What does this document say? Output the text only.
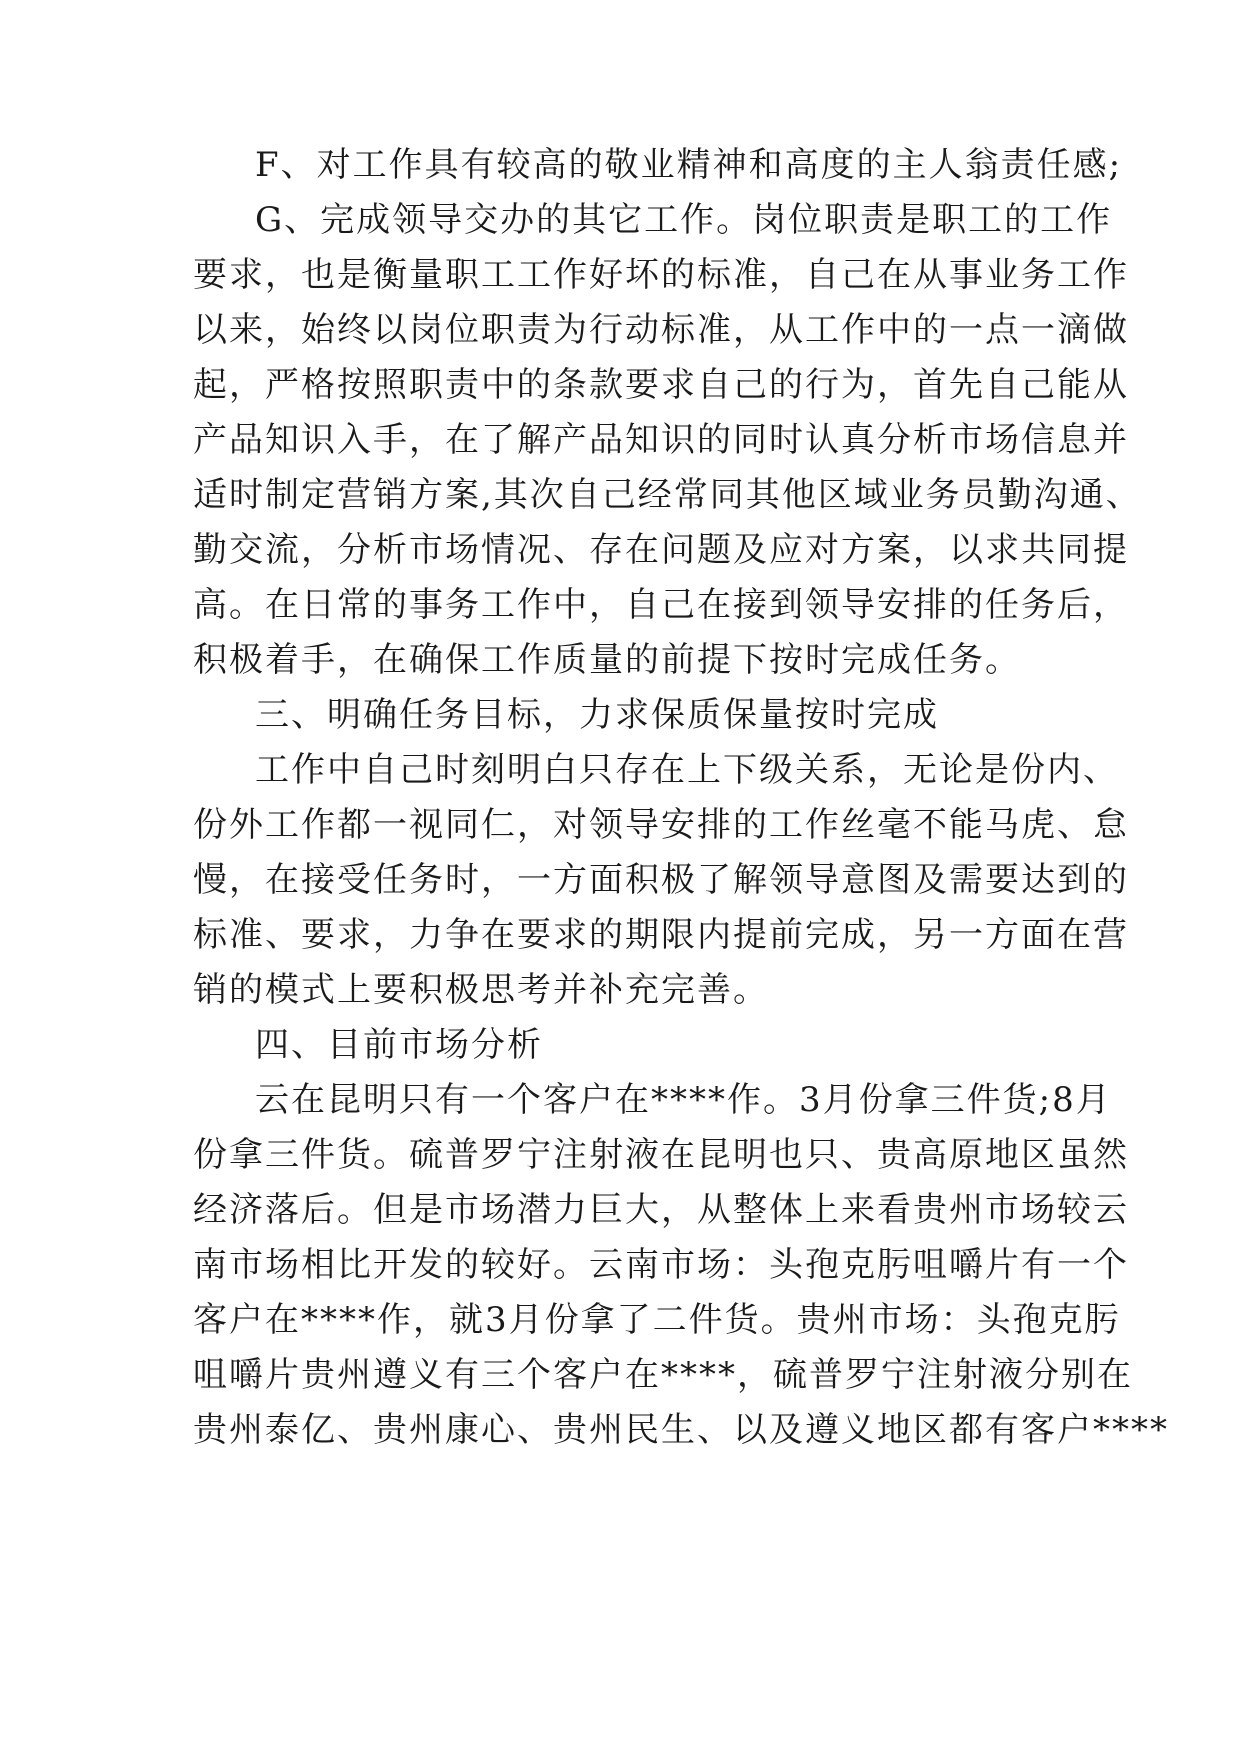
F、对工作具有较高的敬业精神和高度的主人翁责任感;
G、完成领导交办的其它工作。岗位职责是职工的工作
要求，也是衡量职工工作好坏的标准，自己在从事业务工作
以来，始终以岗位职责为行动标准，从工作中的一点一滴做
起，严格按照职责中的条款要求自己的行为，首先自己能从
产品知识入手，在了解产品知识的同时认真分析市场信息并
适时制定营销方案,其次自己经常同其他区域业务员勤沟通、
勤交流，分析市场情况、存在问题及应对方案，以求共同提
高。在日常的事务工作中，自己在接到领导安排的任务后，
积极着手，在确保工作质量的前提下按时完成任务。
三、明确任务目标，力求保质保量按时完成
工作中自己时刻明白只存在上下级关系，无论是份内、
份外工作都一视同仁，对领导安排的工作丝毫不能马虎、怠
慢，在接受任务时，一方面积极了解领导意图及需要达到的
标准、要求，力争在要求的期限内提前完成，另一方面在营
销的模式上要积极思考并补充完善。
四、目前市场分析
云在昆明只有一个客户在****作。3月份拿三件货;8月
份拿三件货。硫普罗宁注射液在昆明也只、贵高原地区虽然
经济落后。但是市场潜力巨大，从整体上来看贵州市场较云
南市场相比开发的较好。云南市场：头孢克肟咀嚼片有一个
客户在****作，就3月份拿了二件货。贵州市场：头孢克肟
咀嚼片贵州遵义有三个客户在****，硫普罗宁注射液分别在
贵州泰亿、贵州康心、贵州民生、以及遵义地区都有客户****
